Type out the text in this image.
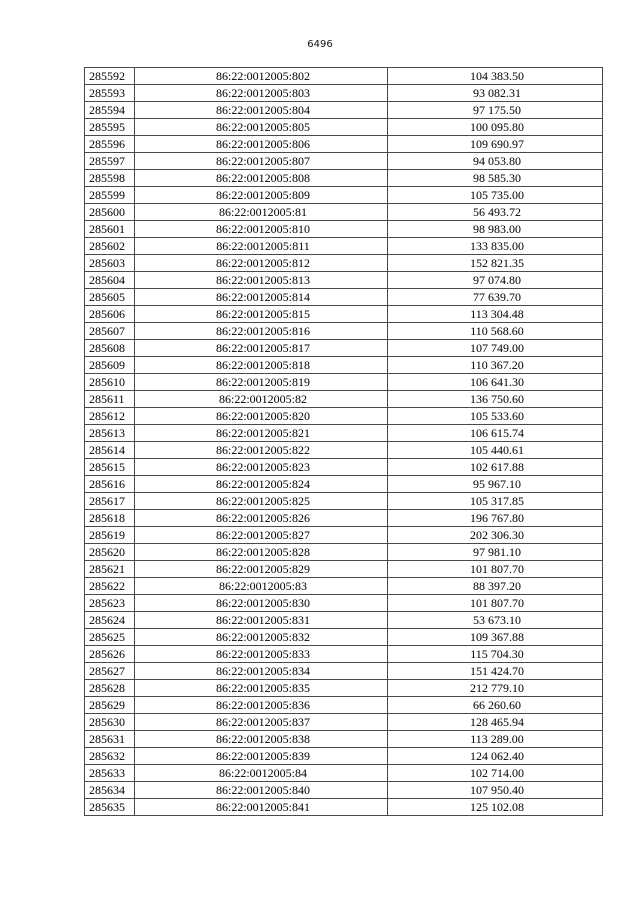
6496
285592	86:22:0012005:802	104 383.50
285593	86:22:0012005:803	93 082.31
285594	86:22:0012005:804	97 175.50
285595	86:22:0012005:805	100 095.80
285596	86:22:0012005:806	109 690.97
285597	86:22:0012005:807	94 053.80
285598	86:22:0012005:808	98 585.30
285599	86:22:0012005:809	105 735.00
285600	86:22:0012005:81	56 493.72
285601	86:22:0012005:810	98 983.00
285602	86:22:0012005:811	133 835.00
285603	86:22:0012005:812	152 821.35
285604	86:22:0012005:813	97 074.80
285605	86:22:0012005:814	77 639.70
285606	86:22:0012005:815	113 304.48
285607	86:22:0012005:816	110 568.60
285608	86:22:0012005:817	107 749.00
285609	86:22:0012005:818	110 367.20
285610	86:22:0012005:819	106 641.30
285611	86:22:0012005:82	136 750.60
285612	86:22:0012005:820	105 533.60
285613	86:22:0012005:821	106 615.74
285614	86:22:0012005:822	105 440.61
285615	86:22:0012005:823	102 617.88
285616	86:22:0012005:824	95 967.10
285617	86:22:0012005:825	105 317.85
285618	86:22:0012005:826	196 767.80
285619	86:22:0012005:827	202 306.30
285620	86:22:0012005:828	97 981.10
285621	86:22:0012005:829	101 807.70
285622	86:22:0012005:83	88 397.20
285623	86:22:0012005:830	101 807.70
285624	86:22:0012005:831	53 673.10
285625	86:22:0012005:832	109 367.88
285626	86:22:0012005:833	115 704.30
285627	86:22:0012005:834	151 424.70
285628	86:22:0012005:835	212 779.10
285629	86:22:0012005:836	66 260.60
285630	86:22:0012005:837	128 465.94
285631	86:22:0012005:838	113 289.00
285632	86:22:0012005:839	124 062.40
285633	86:22:0012005:84	102 714.00
285634	86:22:0012005:840	107 950.40
285635	86:22:0012005:841	125 102.08
